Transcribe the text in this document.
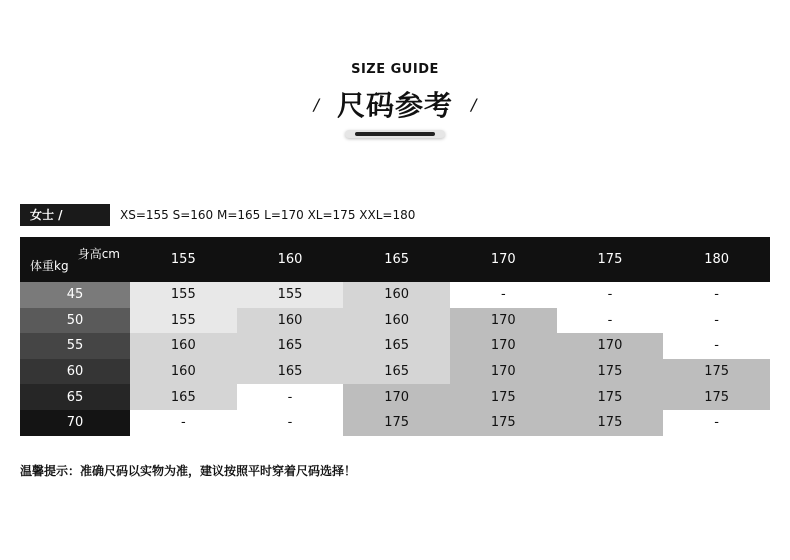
SIZE GUIDE
/ 尺码参考 /
女士 /	XS=155 S=160 M=165 L=170 XL=175 XXL=180
身高cm
体重kg	155	160	165	170	175	180
45	155	155	160	-	-	-
50	155	160	160	170	-	-
55	160	165	165	170	170	-
60	160	165	165	170	175	175
65	165	-	170	175	175	175
70	-	-	175	175	175	-
温馨提示：准确尺码以实物为准，建议按照平时穿着尺码选择！
